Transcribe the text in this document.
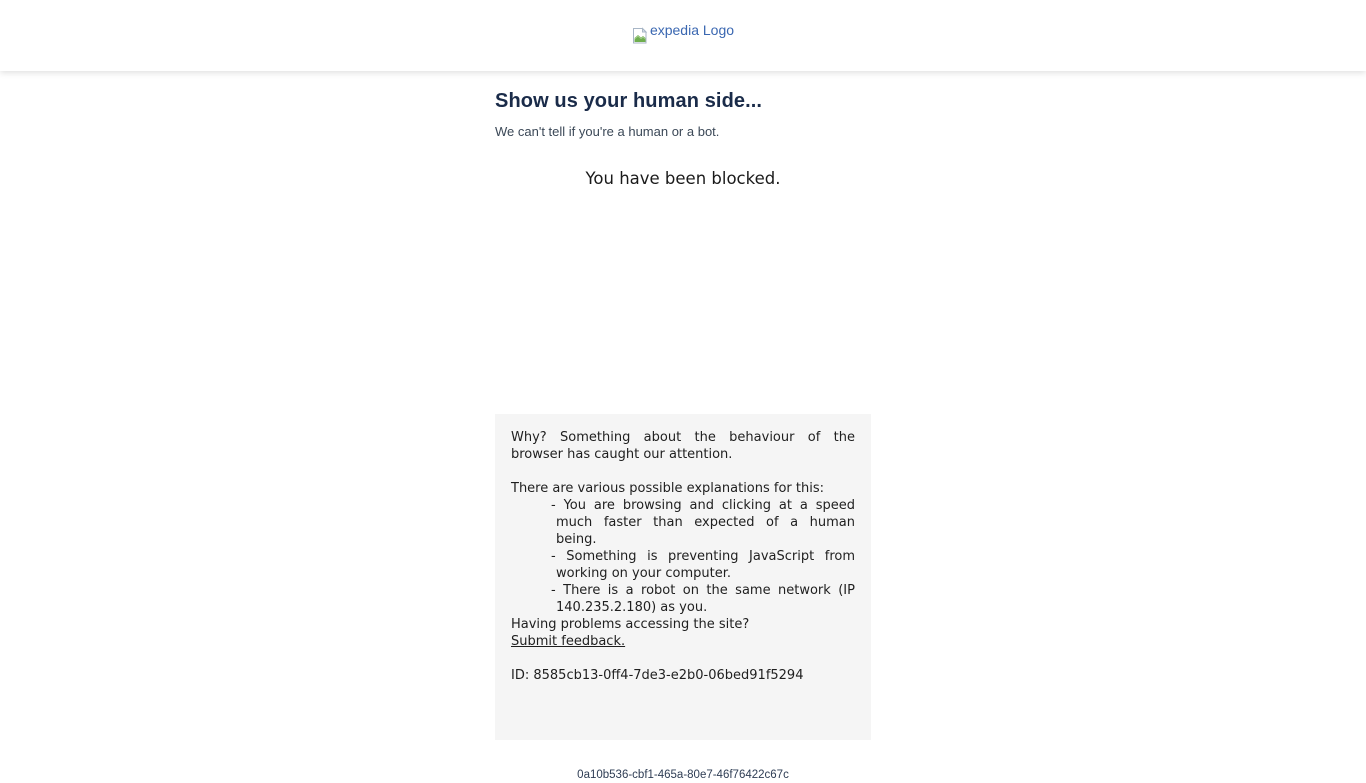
expedia Logo
Show us your human side...

We can't tell if you're a human or a bot.

You have been blocked.

Why? Something about the behaviour of the browser has caught our attention.

There are various possible explanations for this:

- You are browsing and clicking at a speed much faster than expected of a human being.
- Something is preventing JavaScript from working on your computer.
- There is a robot on the same network (IP 140.235.2.180) as you.

Having problems accessing the site?

Submit feedback.

ID: 8585cb13-0ff4-7de3-e2b0-06bed91f5294

0a10b536-cbf1-465a-80e7-46f76422c67c
